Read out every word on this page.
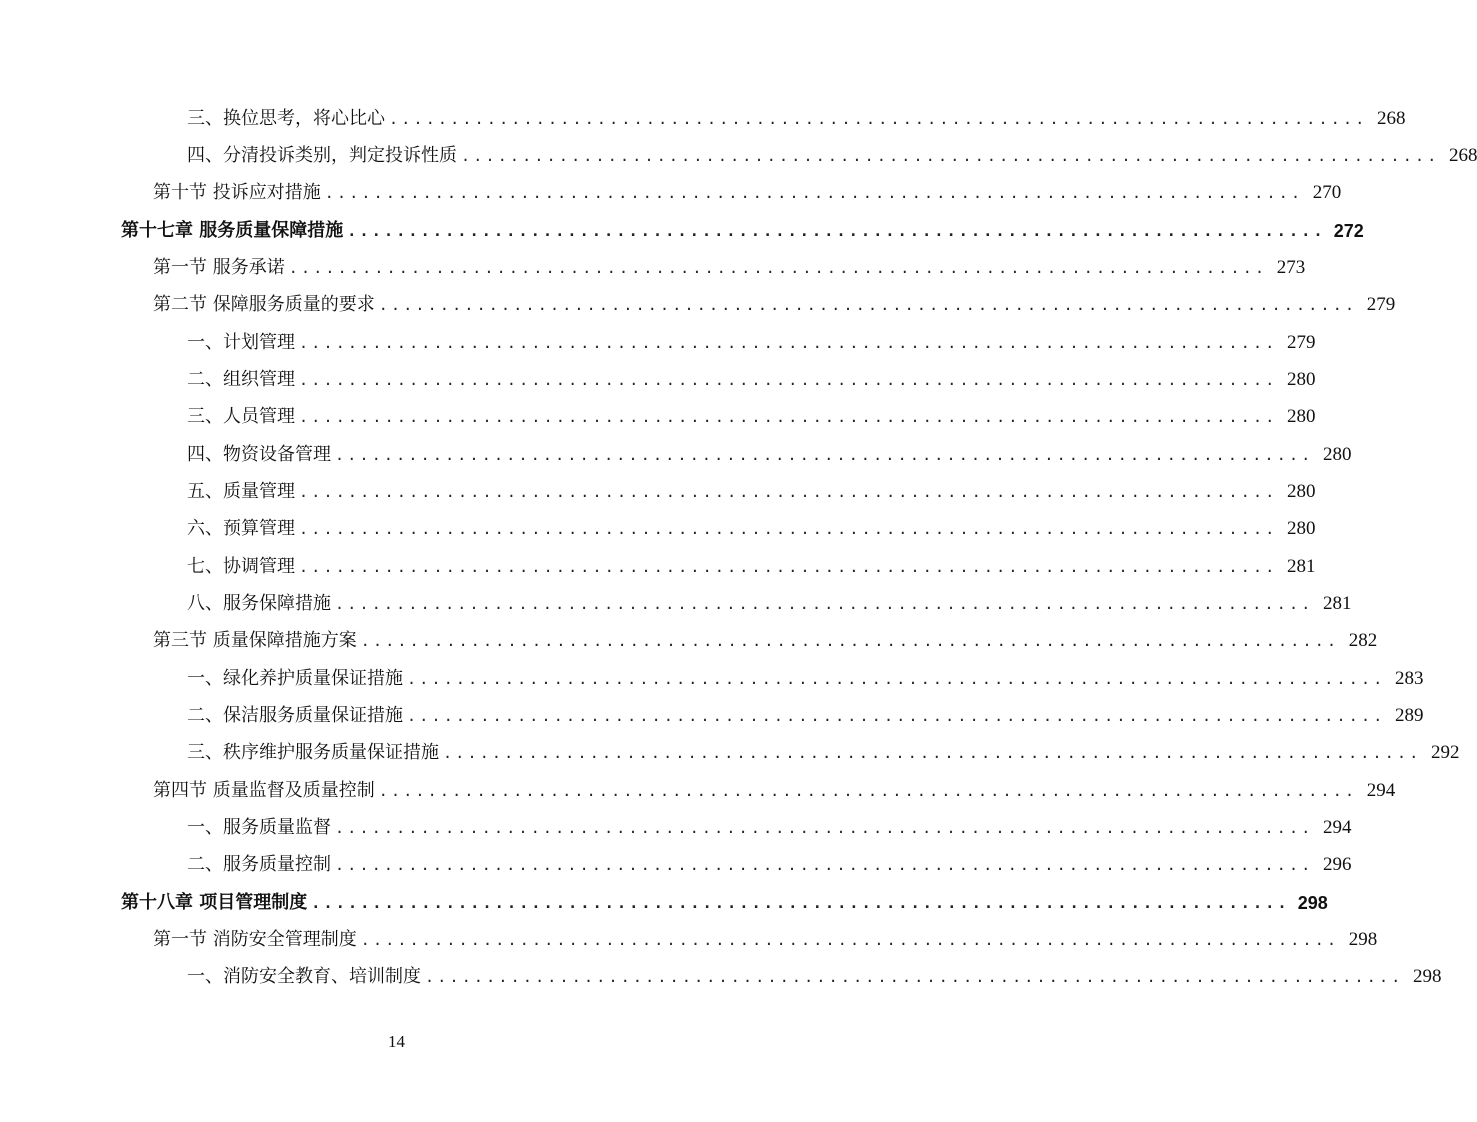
三、换位思考，将心比心 ................................................................................ 268
四、分清投诉类别，判定投诉性质 ................................................................................ 268
第十节 投诉应对措施 ................................................................................ 270
第十七章 服务质量保障措施 ................................................................................ 272
第一节 服务承诺 ................................................................................ 273
第二节 保障服务质量的要求 ................................................................................ 279
一、计划管理 ................................................................................ 279
二、组织管理 ................................................................................ 280
三、人员管理 ................................................................................ 280
四、物资设备管理 ................................................................................ 280
五、质量管理 ................................................................................ 280
六、预算管理 ................................................................................ 280
七、协调管理 ................................................................................ 281
八、服务保障措施 ................................................................................ 281
第三节 质量保障措施方案 ................................................................................ 282
一、绿化养护质量保证措施 ................................................................................ 283
二、保洁服务质量保证措施 ................................................................................ 289
三、秩序维护服务质量保证措施 ................................................................................ 292
第四节 质量监督及质量控制 ................................................................................ 294
一、服务质量监督 ................................................................................ 294
二、服务质量控制 ................................................................................ 296
第十八章 项目管理制度 ................................................................................ 298
第一节 消防安全管理制度 ................................................................................ 298
一、消防安全教育、培训制度 ................................................................................ 298
14
